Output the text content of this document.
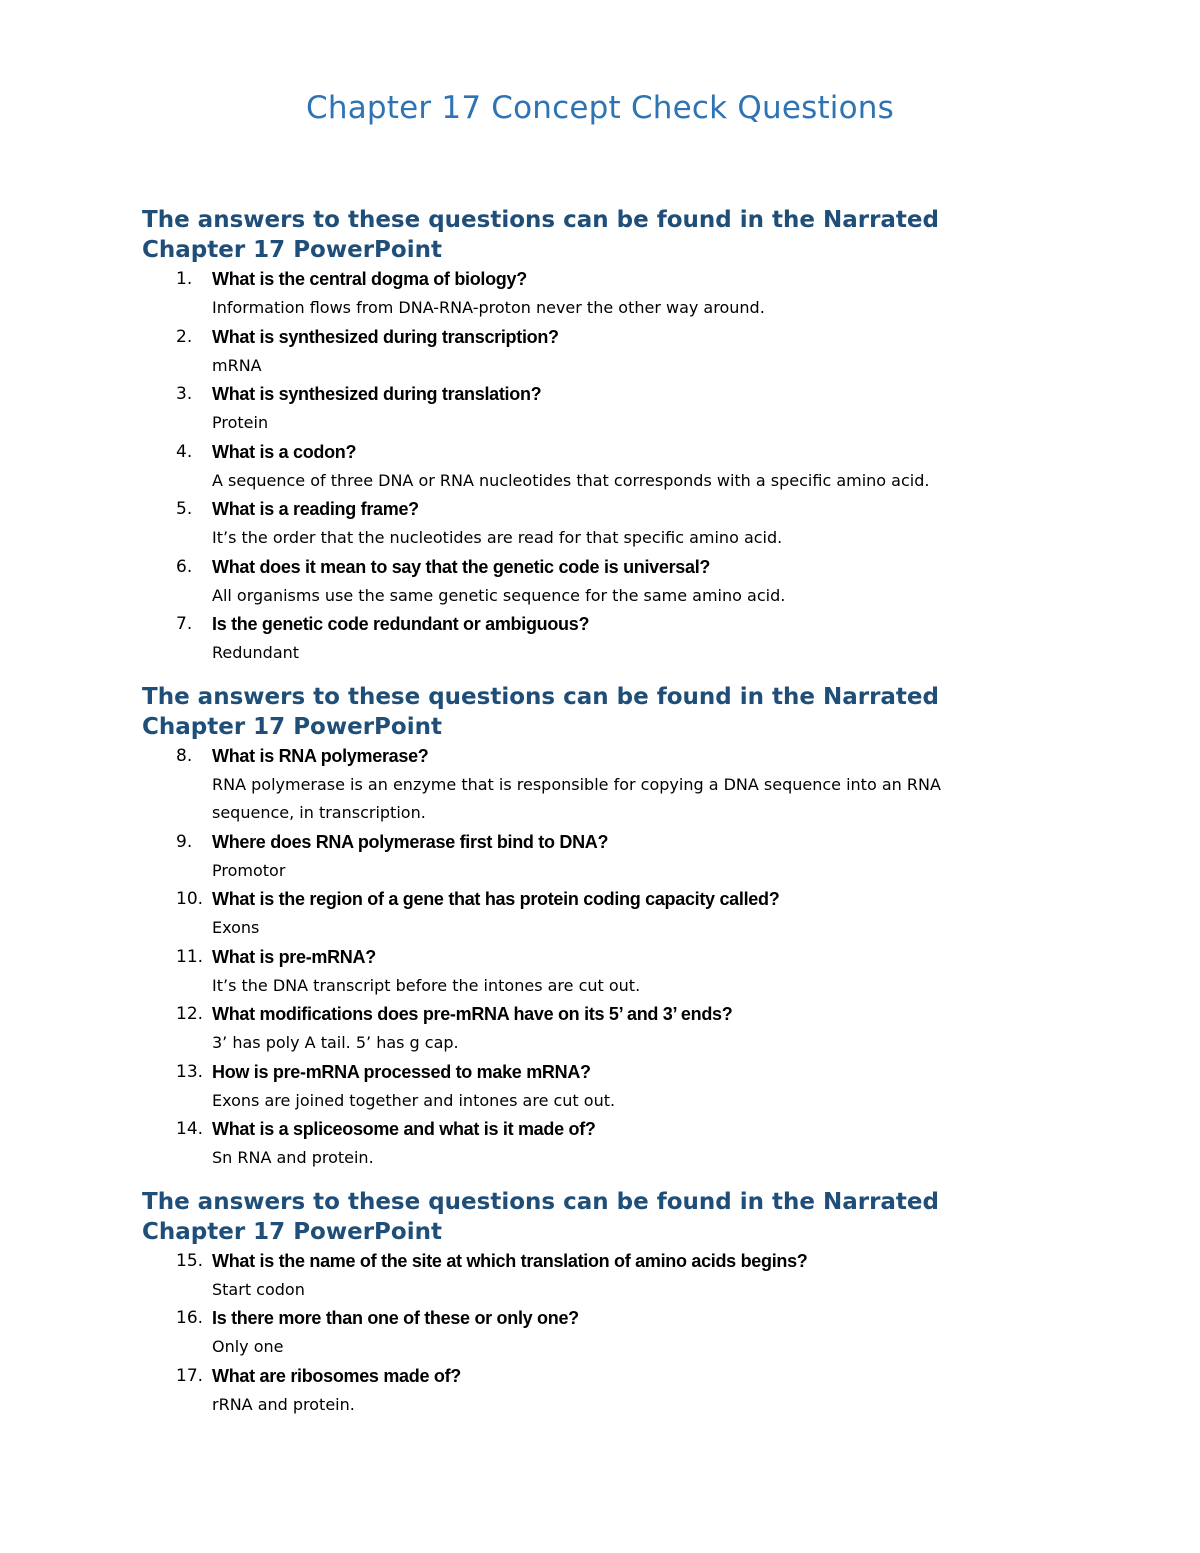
Chapter 17 Concept Check Questions
The answers to these questions can be found in the Narrated Chapter 17 PowerPoint
1. What is the central dogma of biology?
Information flows from DNA-RNA-proton never the other way around.
2. What is synthesized during transcription?
mRNA
3. What is synthesized during translation?
Protein
4. What is a codon?
A sequence of three DNA or RNA nucleotides that corresponds with a specific amino acid.
5. What is a reading frame?
It’s the order that the nucleotides are read for that specific amino acid.
6. What does it mean to say that the genetic code is universal?
All organisms use the same genetic sequence for the same amino acid.
7. Is the genetic code redundant or ambiguous?
Redundant
The answers to these questions can be found in the Narrated Chapter 17 PowerPoint
8. What is RNA polymerase?
RNA polymerase is an enzyme that is responsible for copying a DNA sequence into an RNA sequence, in transcription.
9. Where does RNA polymerase first bind to DNA?
Promotor
10. What is the region of a gene that has protein coding capacity called?
Exons
11. What is pre-mRNA?
It’s the DNA transcript before the intones are cut out.
12. What modifications does pre-mRNA have on its 5’ and 3’ ends?
3’ has poly A tail. 5’ has g cap.
13. How is pre-mRNA processed to make mRNA?
Exons are joined together and intones are cut out.
14. What is a spliceosome and what is it made of?
Sn RNA and protein.
The answers to these questions can be found in the Narrated Chapter 17 PowerPoint
15. What is the name of the site at which translation of amino acids begins?
Start codon
16. Is there more than one of these or only one?
Only one
17. What are ribosomes made of?
rRNA and protein.
